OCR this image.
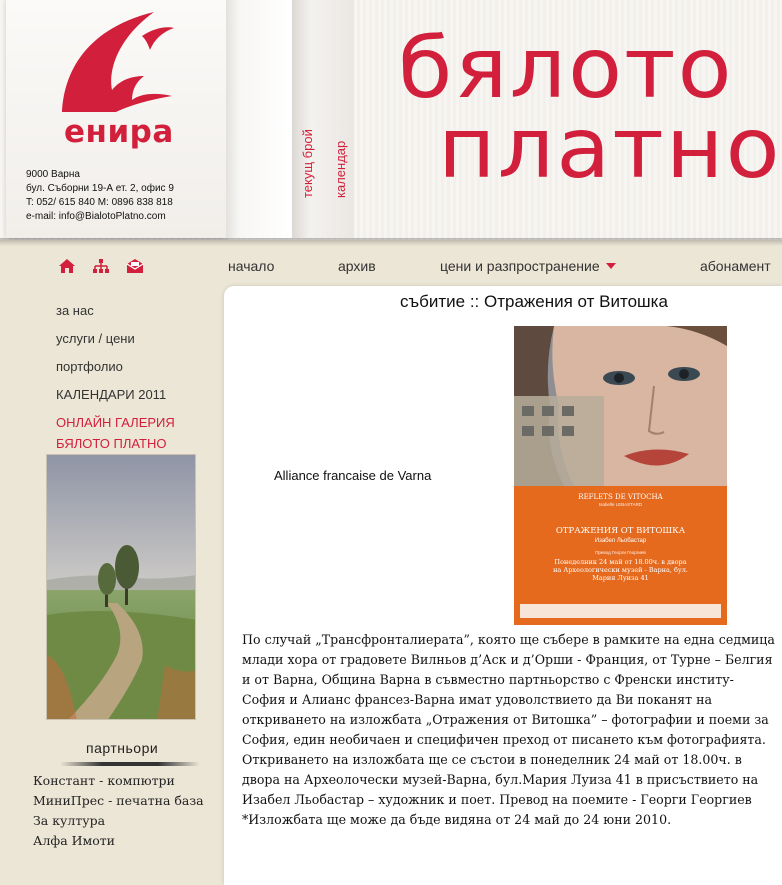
енира
9000 Варна
бул. Съборни 19-А ет. 2, офис 9
T: 052/ 615 840 M: 0896 838 818
e-mail: info@BialotoPlatno.com
текущ брой календар
бялото
платно
начало	архив	цени и разпространение	абонамент
за нас
услуги / цени
портфолио
КАЛЕНДАРИ 2011
ОНЛАЙН ГАЛЕРИЯ
БЯЛОТО ПЛАТНО
партньори
Констант - компютри
МиниПрес - печатна база
За култура
Алфа Имоти
събитие :: Отражения от Витошка
Alliance francaise de Varna
REFLETS DE VITOCHA
Isabelle LEBASTARD
ОТРАЖЕНИЯ ОТ ВИТОШКА
Изабел Льобастар
Превод Георги Георгиев
Понеделник 24 май от 18.00ч. в двора на Археологически музей - Варна, бул. Мария Луиза 41
По случай „Трансфронталиерата”, която ще събере в рамките на една седмица млади хора от градовете Вилньов д’Аск и д’Орши - Франция, от Турне – Белгия и от Варна, Община Варна в съвместно партньорство с Френски институ-София и Алианс франсез-Варна имат удоволствието да Ви поканят на откриването на изложбата „Отражения от Витошка” – фотографии и поеми за София, един необичаен и специфичен преход от писането към фотографията. Откриването на изложбата ще се състои в понеделник 24 май от 18.00ч. в двора на Археолочески музей-Варна, бул.Мария Луиза 41 в присъствието на Изабел Льобастар – художник и поет. Превод на поемите - Георги Георгиев *Изложбата ще може да бъде видяна от 24 май до 24 юни 2010.
